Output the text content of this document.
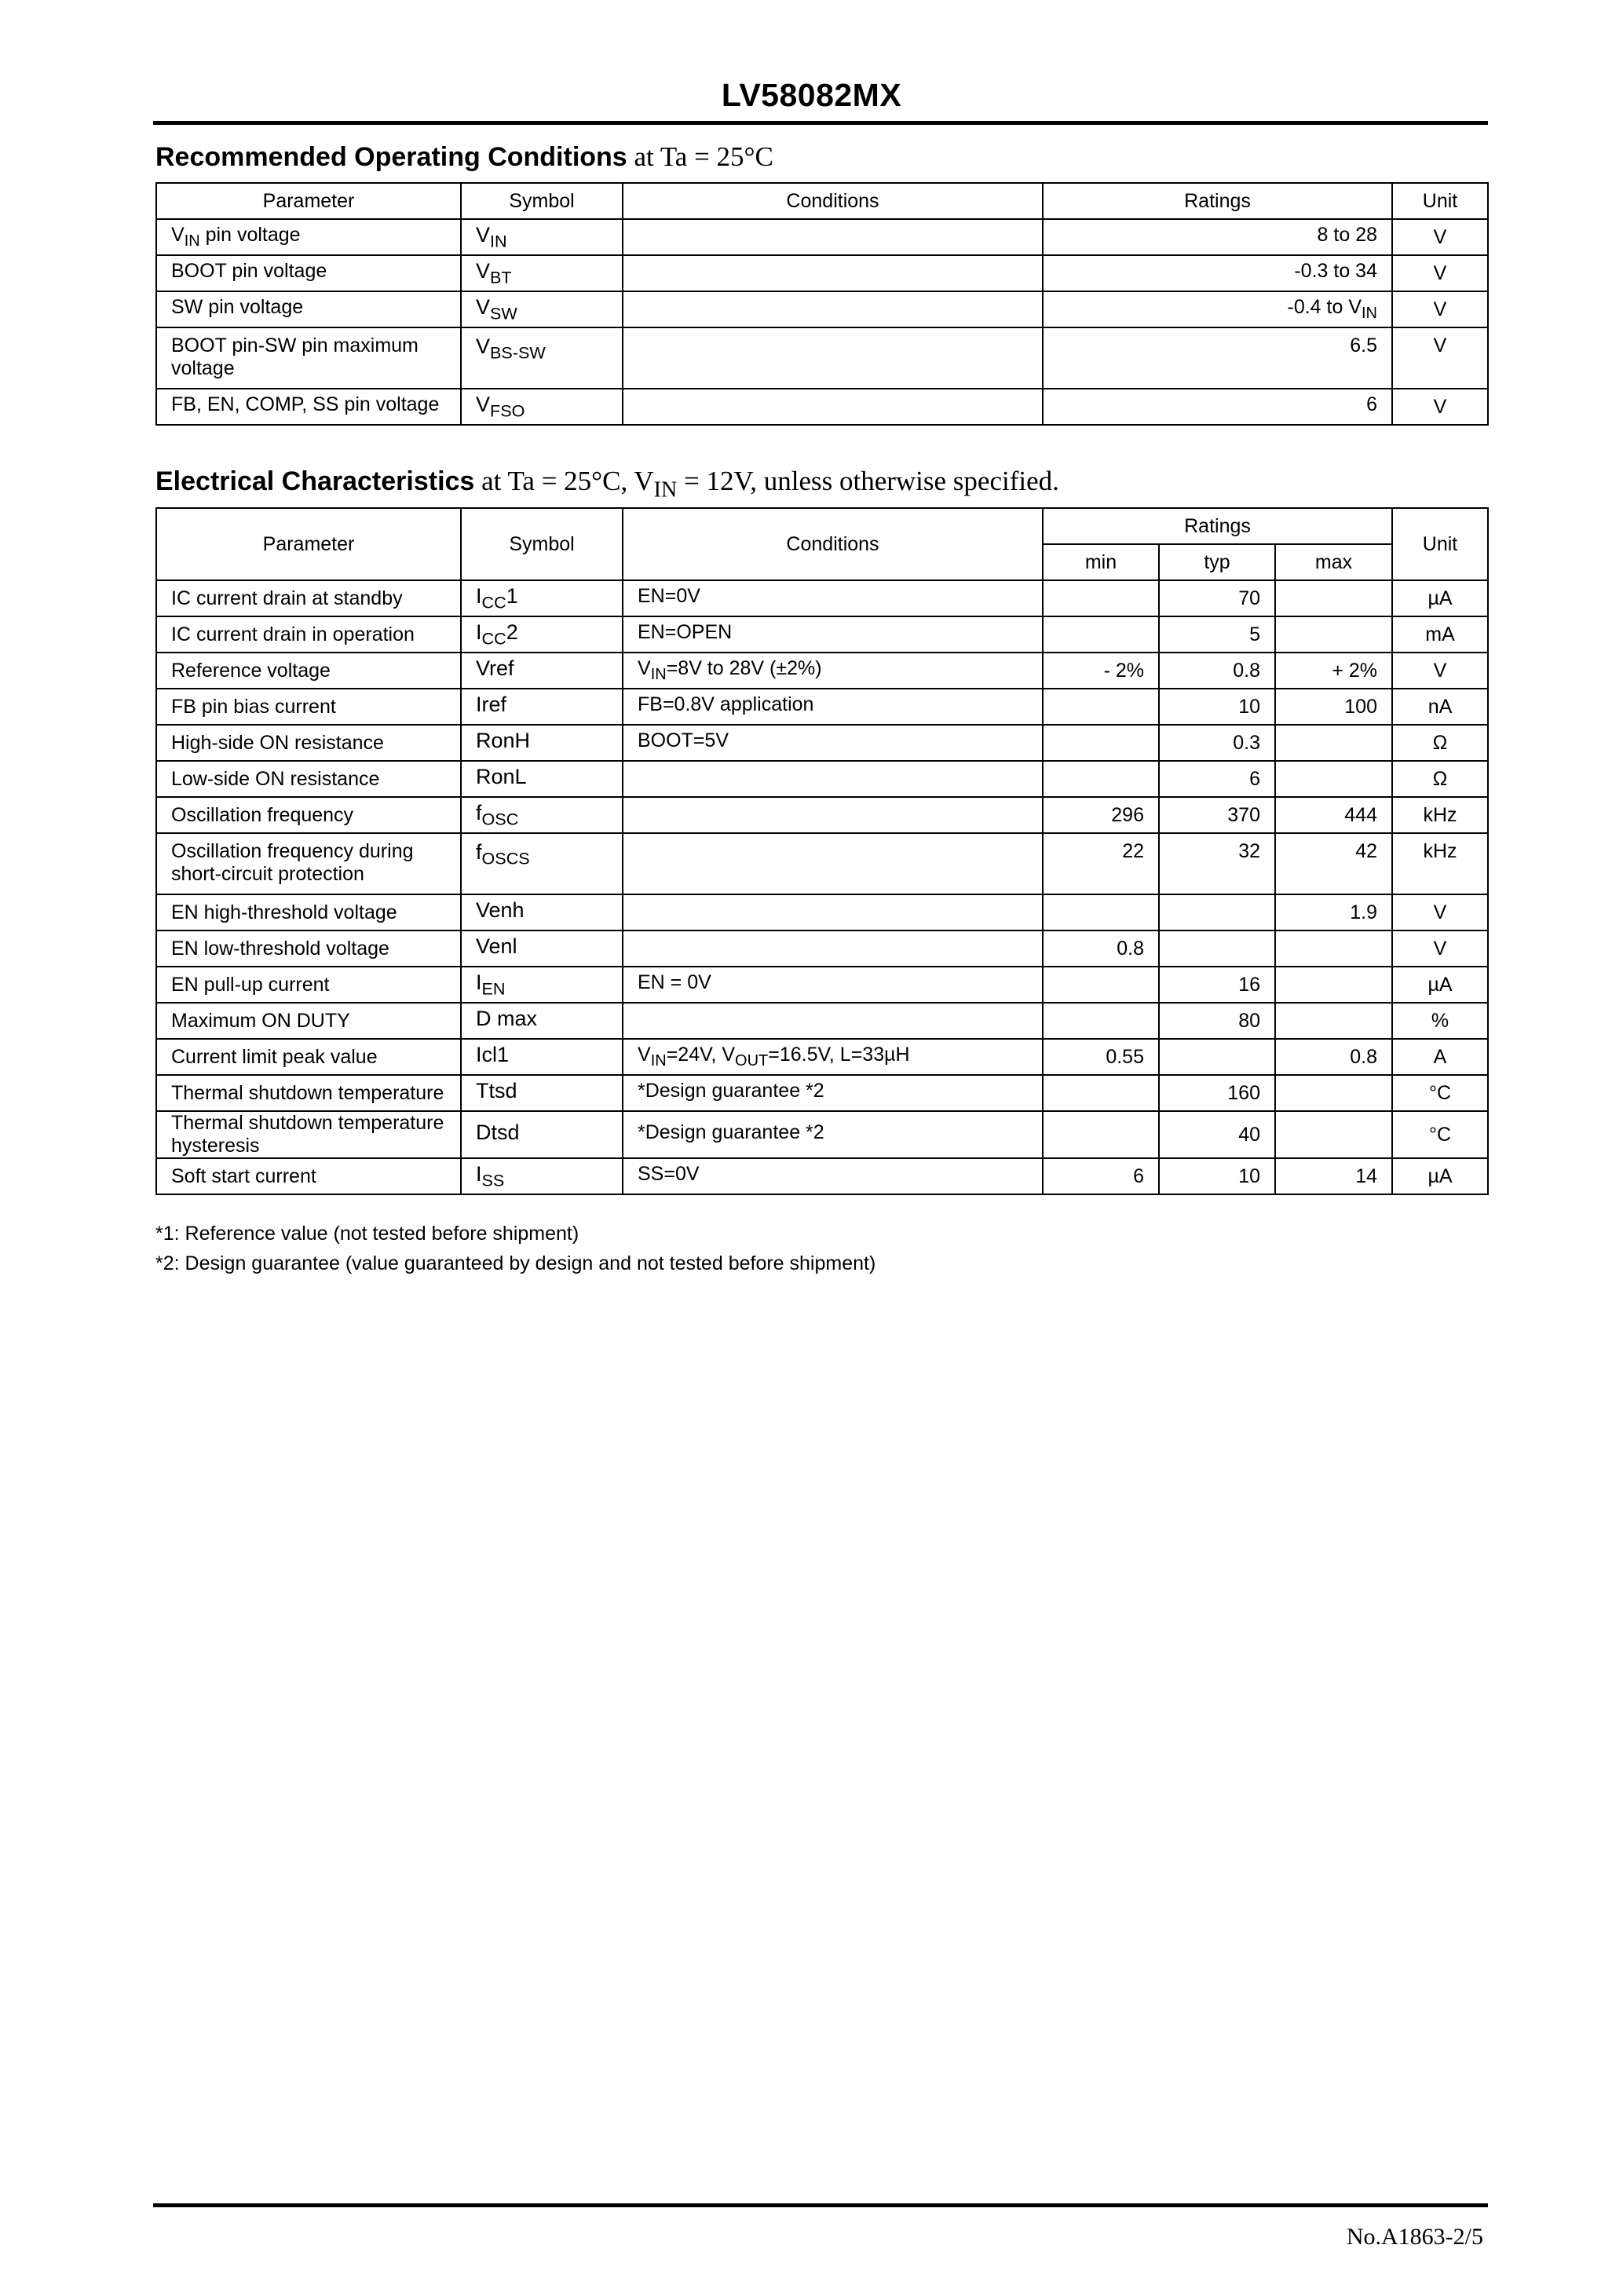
LV58082MX
Recommended Operating Conditions at Ta = 25°C
Parameter	Symbol	Conditions	Ratings	Unit
$V_{IN}$ pin voltage	$V_{IN}$		8 to 28	V
BOOT pin voltage	$V_{BT}$		-0.3 to 34	V
SW pin voltage	$V_{SW}$		-0.4 to $V_{IN}$	V
BOOT pin-SW pin maximum voltage	$V_{BS-SW}$		6.5	V
FB, EN, COMP, SS pin voltage	$V_{FSO}$		6	V
Electrical Characteristics at Ta = 25°C, $V_{IN} = 12V$, unless otherwise specified.
Parameter	Symbol	Conditions	Ratings			Unit
			min	typ	max	
IC current drain at standby	$I_{CC}1$	EN=0V		70		µA
IC current drain in operation	$I_{CC}2$	EN=OPEN		5		mA
Reference voltage	Vref	$V_{IN}=8V$ to 28V (±2%)	- 2%	0.8	+ 2%	V
FB pin bias current	Iref	FB=0.8V application		10	100	nA
High-side ON resistance	RonH	BOOT=5V		0.3		Ω
Low-side ON resistance	RonL			6		Ω
Oscillation frequency	$f_{OSC}$		296	370	444	kHz
Oscillation frequency during short-circuit protection	$f_{OSCS}$		22	32	42	kHz
EN high-threshold voltage	Venh				1.9	V
EN low-threshold voltage	Venl		0.8			V
EN pull-up current	$I_{EN}$	EN = 0V		16		µA
Maximum ON DUTY	D max			80		%
Current limit peak value	Icl1	$V_{IN}=24V$, $V_{OUT}=16.5V$, L=33µH	0.55		0.8	A
Thermal shutdown temperature	Ttsd	*Design guarantee *2		160		°C
Thermal shutdown temperature hysteresis	Dtsd	*Design guarantee *2		40		°C
Soft start current	$I_{SS}$	SS=0V	6	10	14	µA
*1: Reference value (not tested before shipment)
*2: Design guarantee (value guaranteed by design and not tested before shipment)
No.A1863-2/5
